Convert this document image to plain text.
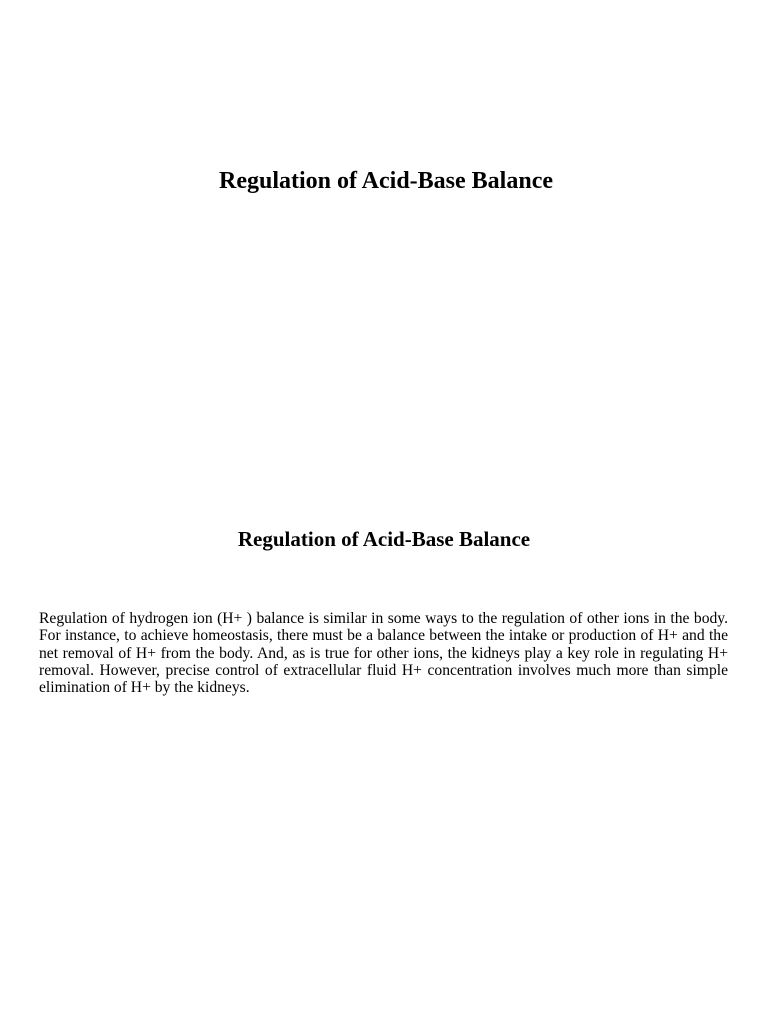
Regulation of Acid-Base Balance
Regulation of Acid-Base Balance

Regulation of hydrogen ion (H+ ) balance is similar in some ways to the regulation of other ions in the body. For instance, to achieve homeostasis, there must be a balance between the intake or production of H+ and the net removal of H+ from the body. And, as is true for other ions, the kidneys play a key role in regulating H+ removal. However, precise control of extracellular fluid H+ concentration involves much more than simple elimination of H+ by the kidneys.
